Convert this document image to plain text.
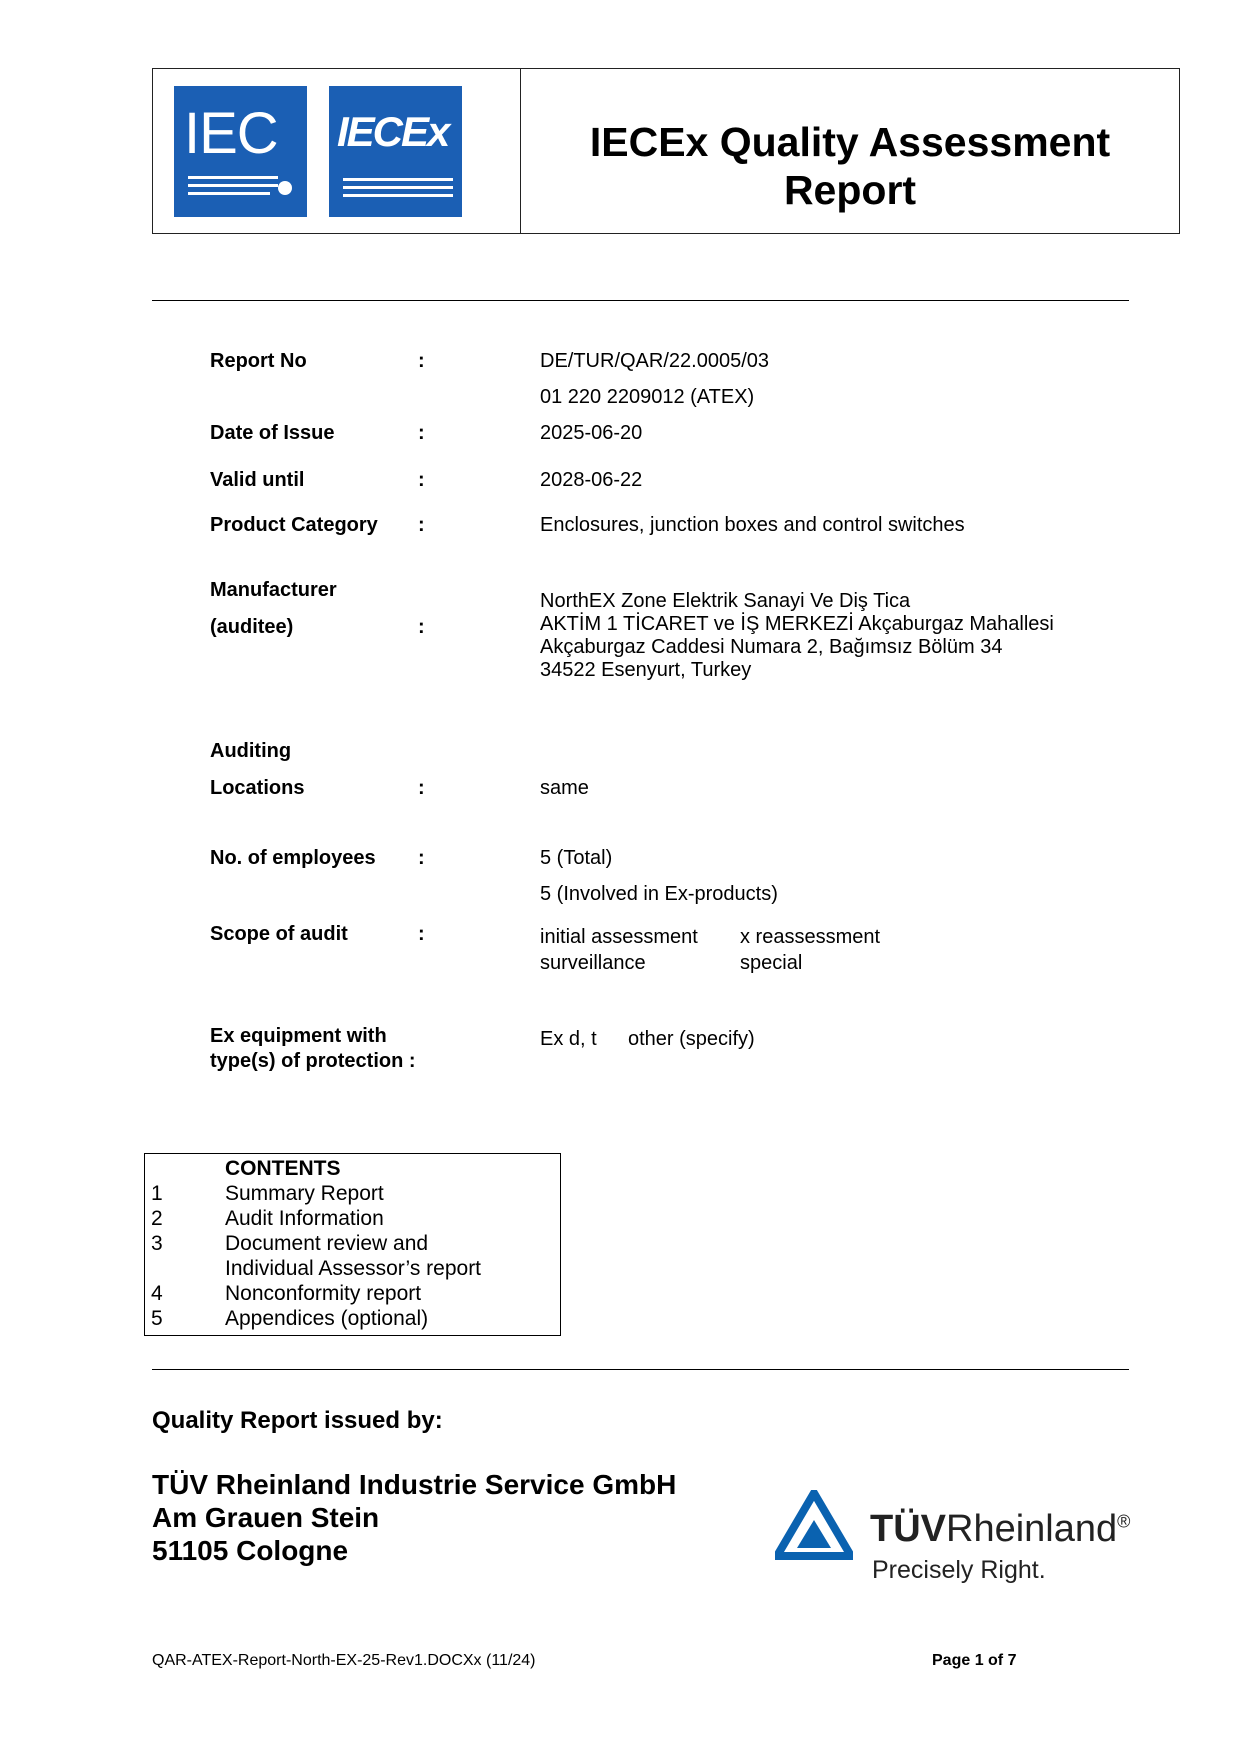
IEC IECEx	IECEx Quality Assessment
Report
Report No	:	DE/TUR/QAR/22.0005/03
01 220 2209012 (ATEX)
Date of Issue	:	2025-06-20
Valid until	:	2028-06-22
Product Category :	Enclosures, junction boxes and control switches
Manufacturer
(auditee)	:
NorthEX Zone Elektrik Sanayi Ve Diş Tica
AKTİM 1 TİCARET ve İŞ MERKEZİ Akçaburgaz Mahallesi
Akçaburgaz Caddesi Numara 2, Bağımsız Bölüm 34
34522 Esenyurt, Turkey
Auditing
Locations	:	same
No. of employees :	5 (Total)
5 (Involved in Ex-products)
Scope of audit	:	initial assessment x reassessment
surveillance	special
Ex equipment with
type(s) of protection :
Ex d, t other (specify)
CONTENTS
1	Summary Report
2	Audit Information
3	Document review and
Individual Assessor’s report
4	Nonconformity report
5	Appendices (optional)
Quality Report issued by:
TÜV Rheinland Industrie Service GmbH
Am Grauen Stein
51105 Cologne
TÜVRheinland®
Precisely Right.
QAR-ATEX-Report-North-EX-25-Rev1.DOCXx (11/24)	Page 1 of 7
